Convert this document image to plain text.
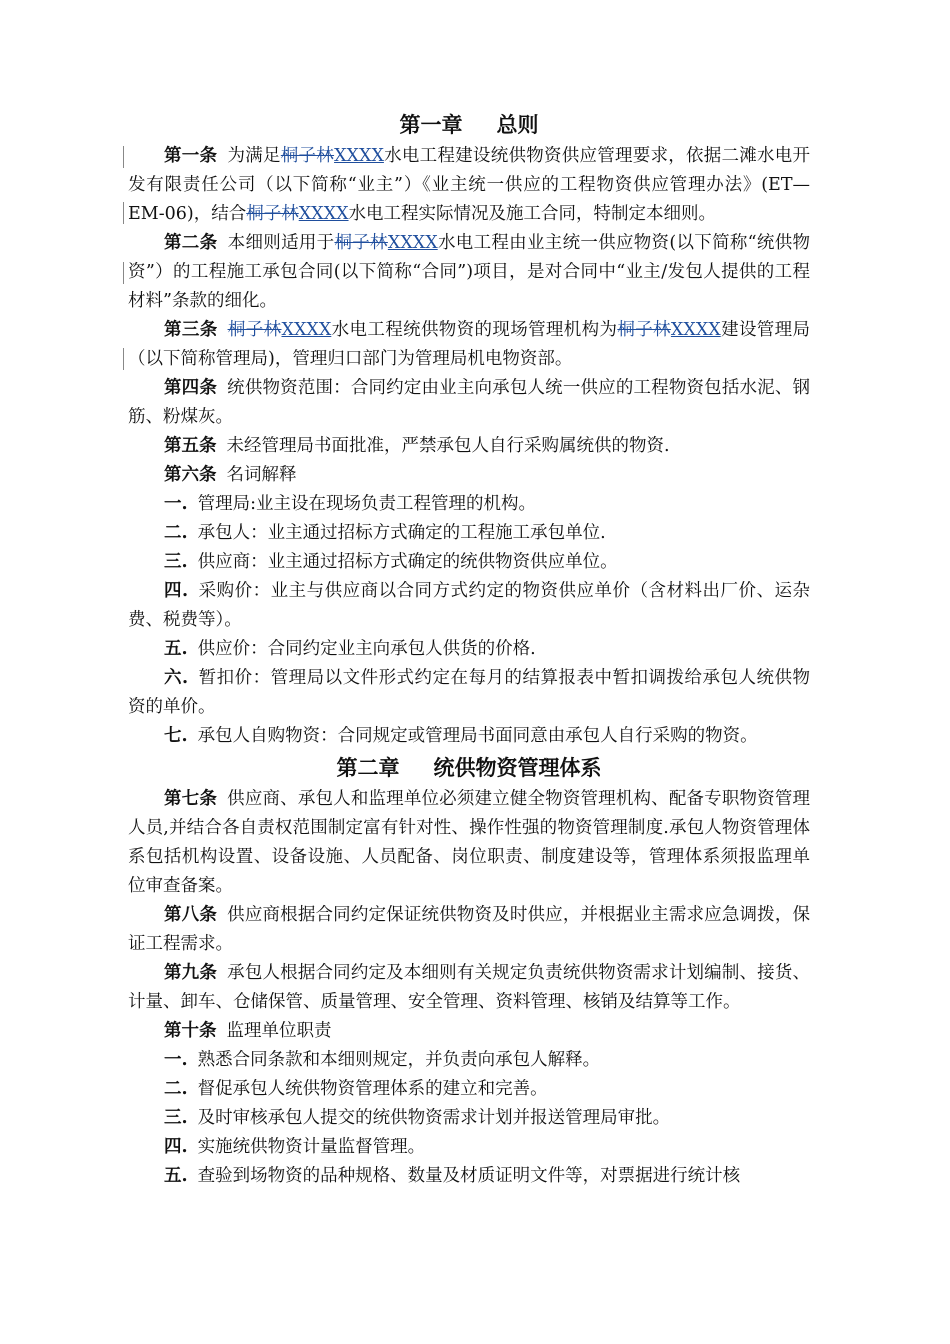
第一章 总则

第一条 为满足桐子林XXXX水电工程建设统供物资供应管理要求，依据二滩水电开发有限责任公司（以下简称“业主”）《业主统一供应的工程物资供应管理办法》(ET—EM-06)，结合桐子林XXXX水电工程实际情况及施工合同，特制定本细则。

第二条 本细则适用于桐子林XXXX水电工程由业主统一供应物资(以下简称“统供物资”）的工程施工承包合同(以下简称“合同”)项目，是对合同中“业主/发包人提供的工程材料”条款的细化。

第三条 桐子林XXXX水电工程统供物资的现场管理机构为桐子林XXXX建设管理局（以下简称管理局)，管理归口部门为管理局机电物资部。

第四条 统供物资范围：合同约定由业主向承包人统一供应的工程物资包括水泥、钢筋、粉煤灰。

第五条 未经管理局书面批准，严禁承包人自行采购属统供的物资.

第六条 名词解释

一. 管理局:业主设在现场负责工程管理的机构。

二. 承包人：业主通过招标方式确定的工程施工承包单位.

三. 供应商：业主通过招标方式确定的统供物资供应单位。

四. 采购价：业主与供应商以合同方式约定的物资供应单价（含材料出厂价、运杂费、税费等）。

五. 供应价：合同约定业主向承包人供货的价格.

六. 暂扣价：管理局以文件形式约定在每月的结算报表中暂扣调拨给承包人统供物资的单价。

七. 承包人自购物资：合同规定或管理局书面同意由承包人自行采购的物资。

第二章 统供物资管理体系

第七条 供应商、承包人和监理单位必须建立健全物资管理机构、配备专职物资管理人员,并结合各自责权范围制定富有针对性、操作性强的物资管理制度.承包人物资管理体系包括机构设置、设备设施、人员配备、岗位职责、制度建设等，管理体系须报监理单位审查备案。

第八条 供应商根据合同约定保证统供物资及时供应，并根据业主需求应急调拨，保证工程需求。

第九条 承包人根据合同约定及本细则有关规定负责统供物资需求计划编制、接货、计量、卸车、仓储保管、质量管理、安全管理、资料管理、核销及结算等工作。

第十条 监理单位职责

一. 熟悉合同条款和本细则规定，并负责向承包人解释。

二. 督促承包人统供物资管理体系的建立和完善。

三. 及时审核承包人提交的统供物资需求计划并报送管理局审批。

四. 实施统供物资计量监督管理。

五. 查验到场物资的品种规格、数量及材质证明文件等，对票据进行统计核
